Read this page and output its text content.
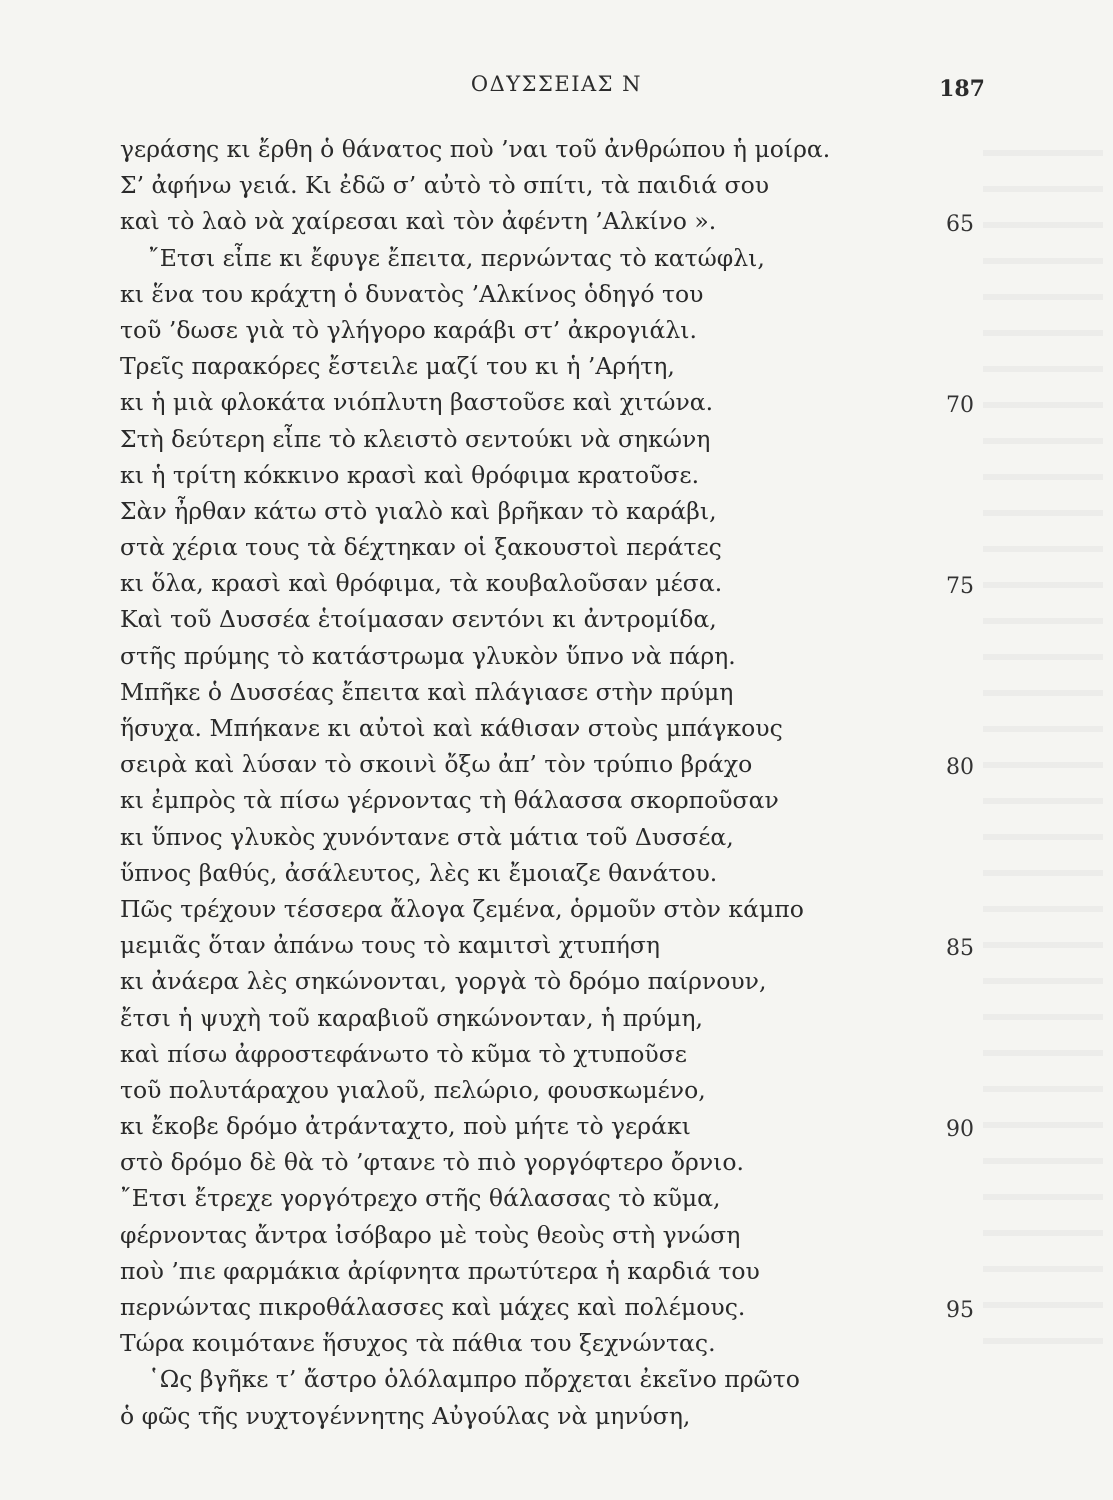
ΟΔΥΣΣΕΙΑΣ Ν	187
γεράσης κι ἔρθη ὁ θάνατος ποὺ ’ναι τοῦ ἀνθρώπου ἡ μοίρα.
Σ’ ἀφήνω γειά. Κι ἐδῶ σ’ αὐτὸ τὸ σπίτι, τὰ παιδιά σου
καὶ τὸ λαὸ νὰ χαίρεσαι καὶ τὸν ἀφέντη ’Αλκίνο ».	65
῎Ετσι εἶπε κι ἔφυγε ἔπειτα, περνώντας τὸ κατώφλι,
κι ἕνα του κράχτη ὁ δυνατὸς ’Αλκίνος ὁδηγό του
τοῦ ’δωσε γιὰ τὸ γλήγορο καράβι στ’ ἀκρογιάλι.
Τρεῖς παρακόρες ἔστειλε μαζί του κι ἡ ’Αρήτη,
κι ἡ μιὰ φλοκάτα νιόπλυτη βαστοῦσε καὶ χιτώνα.	70
Στὴ δεύτερη εἶπε τὸ κλειστὸ σεντούκι νὰ σηκώνη
κι ἡ τρίτη κόκκινο κρασὶ καὶ θρόφιμα κρατοῦσε.
Σὰν ἦρθαν κάτω στὸ γιαλὸ καὶ βρῆκαν τὸ καράβι,
στὰ χέρια τους τὰ δέχτηκαν οἱ ξακουστοὶ περάτες
κι ὅλα, κρασὶ καὶ θρόφιμα, τὰ κουβαλοῦσαν μέσα.	75
Καὶ τοῦ Δυσσέα ἑτοίμασαν σεντόνι κι ἀντρομίδα,
στῆς πρύμης τὸ κατάστρωμα γλυκὸν ὕπνο νὰ πάρη.
Μπῆκε ὁ Δυσσέας ἔπειτα καὶ πλάγιασε στὴν πρύμη
ἥσυχα. Μπήκανε κι αὐτοὶ καὶ κάθισαν στοὺς μπάγκους
σειρὰ καὶ λύσαν τὸ σκοινὶ ὄξω ἀπ’ τὸν τρύπιο βράχο	80
κι ἐμπρὸς τὰ πίσω γέρνοντας τὴ θάλασσα σκορποῦσαν
κι ὕπνος γλυκὸς χυνόντανε στὰ μάτια τοῦ Δυσσέα,
ὕπνος βαθύς, ἀσάλευτος, λὲς κι ἔμοιαζε θανάτου.
Πῶς τρέχουν τέσσερα ἄλογα ζεμένα, ὁρμοῦν στὸν κάμπο
μεμιᾶς ὅταν ἀπάνω τους τὸ καμιτσὶ χτυπήση	85
κι ἀνάερα λὲς σηκώνονται, γοργὰ τὸ δρόμο παίρνουν,
ἔτσι ἡ ψυχὴ τοῦ καραβιοῦ σηκώνονταν, ἡ πρύμη,
καὶ πίσω ἀφροστεφάνωτο τὸ κῦμα τὸ χτυποῦσε
τοῦ πολυτάραχου γιαλοῦ, πελώριο, φουσκωμένο,
κι ἔκοβε δρόμο ἀτράνταχτο, ποὺ μήτε τὸ γεράκι	90
στὸ δρόμο δὲ θὰ τὸ ’φτανε τὸ πιὸ γοργόφτερο ὄρνιο.
῎Ετσι ἔτρεχε γοργότρεχο στῆς θάλασσας τὸ κῦμα,
φέρνοντας ἄντρα ἰσόβαρο μὲ τοὺς θεοὺς στὴ γνώση
ποὺ ’πιε φαρμάκια ἀρίφνητα πρωτύτερα ἡ καρδιά του
περνώντας πικροθάλασσες καὶ μάχες καὶ πολέμους.	95
Τώρα κοιμότανε ἥσυχος τὰ πάθια του ξεχνώντας.
῾Ως βγῆκε τ’ ἄστρο ὁλόλαμπρο πὄρχεται ἐκεῖνο πρῶτο
ὁ φῶς τῆς νυχτογέννητης Αὐγούλας νὰ μηνύση,
